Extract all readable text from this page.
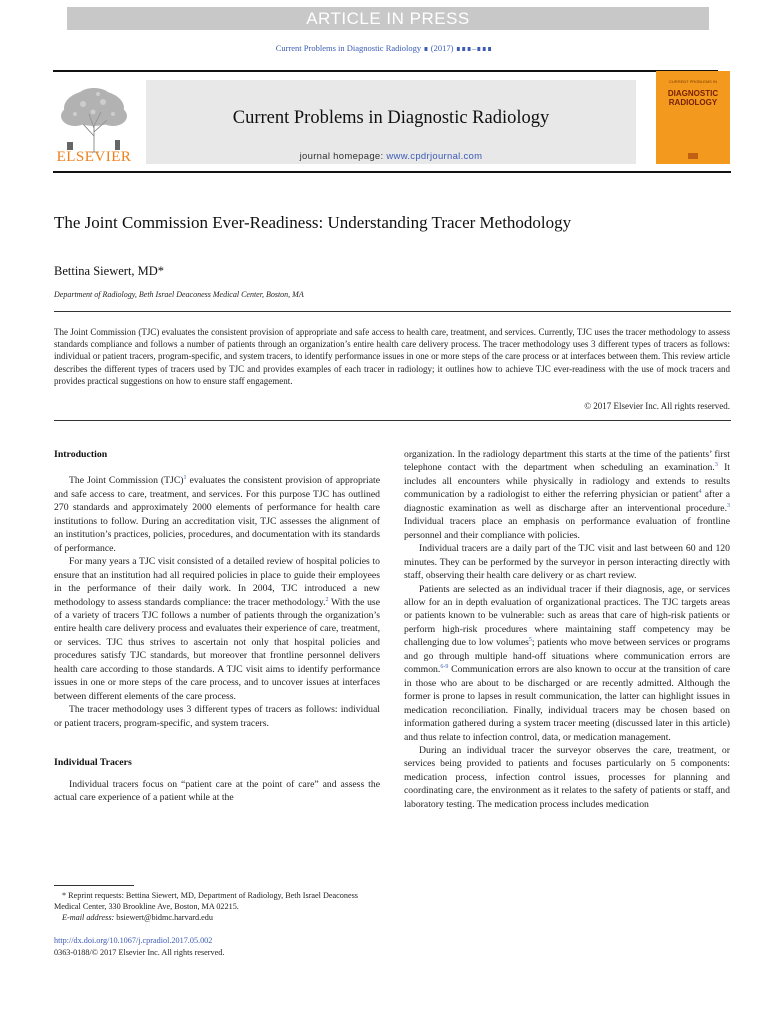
ARTICLE IN PRESS
Current Problems in Diagnostic Radiology ∎ (2017) ∎∎∎–∎∎∎
ELSEVIER
Current Problems in Diagnostic Radiology
journal homepage: www.cpdrjournal.com
CURRENT PROBLEMS IN
DIAGNOSTIC RADIOLOGY
The Joint Commission Ever-Readiness: Understanding Tracer Methodology
Bettina Siewert, MD*
Department of Radiology, Beth Israel Deaconess Medical Center, Boston, MA
The Joint Commission (TJC) evaluates the consistent provision of appropriate and safe access to health care, treatment, and services. Currently, TJC uses the tracer methodology to assess standards compliance and follows a number of patients through an organization’s entire health care delivery process. The tracer methodology uses 3 different types of tracers as follows: individual or patient tracers, program-specific, and system tracers, to identify performance issues in one or more steps of the care process or at interfaces between them. This review article describes the different types of tracers used by TJC and provides examples of each tracer in radiology; it outlines how to achieve TJC ever-readiness with the use of mock tracers and provides practical suggestions on how to ensure staff engagement.
© 2017 Elsevier Inc. All rights reserved.
Introduction

The Joint Commission (TJC)$^1$ evaluates the consistent provision of appropriate and safe access to care, treatment, and services. For this purpose TJC has outlined 270 standards and approximately 2000 elements of performance for health care institutions to follow. During an accreditation visit, TJC assesses the alignment of an institution’s practices, policies, procedures, and documentation with its standards of performance.

For many years a TJC visit consisted of a detailed review of hospital policies to ensure that an institution had all required policies in place to guide their employees in the performance of their daily work. In 2004, TJC introduced a new methodology to assess standards compliance: the tracer methodology.$^2$ With the use of a variety of tracers TJC follows a number of patients through the organization’s entire health care delivery process and evaluates their experience of care, treatment, or services. TJC thus strives to ascertain not only that hospital policies and procedures satisfy TJC standards, but moreover that frontline personnel delivers health care according to those standards. A TJC visit aims to identify performance issues in one or more steps of the care process, and to uncover issues at interfaces between different elements of the care process.

The tracer methodology uses 3 different types of tracers as follows: individual or patient tracers, program-specific, and system tracers.

Individual Tracers

Individual tracers focus on “patient care at the point of care” and assess the actual care experience of a patient while at the

organization. In the radiology department this starts at the time of the patients’ first telephone contact with the department when scheduling an examination.$^3$ It includes all encounters while physically in radiology and extends to results communication by a radiologist to either the referring physician or patient$^4$ after a diagnostic examination as well as discharge after an interventional procedure.$^3$ Individual tracers place an emphasis on performance evaluation of frontline personnel and their compliance with policies.

Individual tracers are a daily part of the TJC visit and last between 60 and 120 minutes. They can be performed by the surveyor in person interacting directly with staff, observing their health care delivery or as chart review.

Patients are selected as an individual tracer if their diagnosis, age, or services allow for an in depth evaluation of organizational practices. The TJC targets areas or patients known to be vulnerable: such as areas that care of high-risk patients or perform high-risk procedures where maintaining staff competency may be challenging due to low volumes$^5$; patients who move between services or programs and go through multiple hand-off situations where communication errors are common.$^{6-9}$ Communication errors are also known to occur at the transition of care in those who are about to be discharged or are recently admitted. Although the former is prone to lapses in result communication, the latter can highlight issues in medication reconciliation. Finally, individual tracers may be chosen based on information gathered during a system tracer meeting (discussed later in this article) and thus relate to infection control, data, or medication management.

During an individual tracer the surveyor observes the care, treatment, or services being provided to patients and focuses particularly on 5 components: medication process, infection control issues, processes for planning and coordinating care, the environment as it relates to the safety of patients or staff, and laboratory testing. The medication process includes medication

* Reprint requests: Bettina Siewert, MD, Department of Radiology, Beth Israel Deaconess Medical Center, 330 Brookline Ave, Boston, MA 02215.

E-mail address: bsiewert@bidmc.harvard.edu

http://dx.doi.org/10.1067/j.cpradiol.2017.05.002
0363-0188/© 2017 Elsevier Inc. All rights reserved.
